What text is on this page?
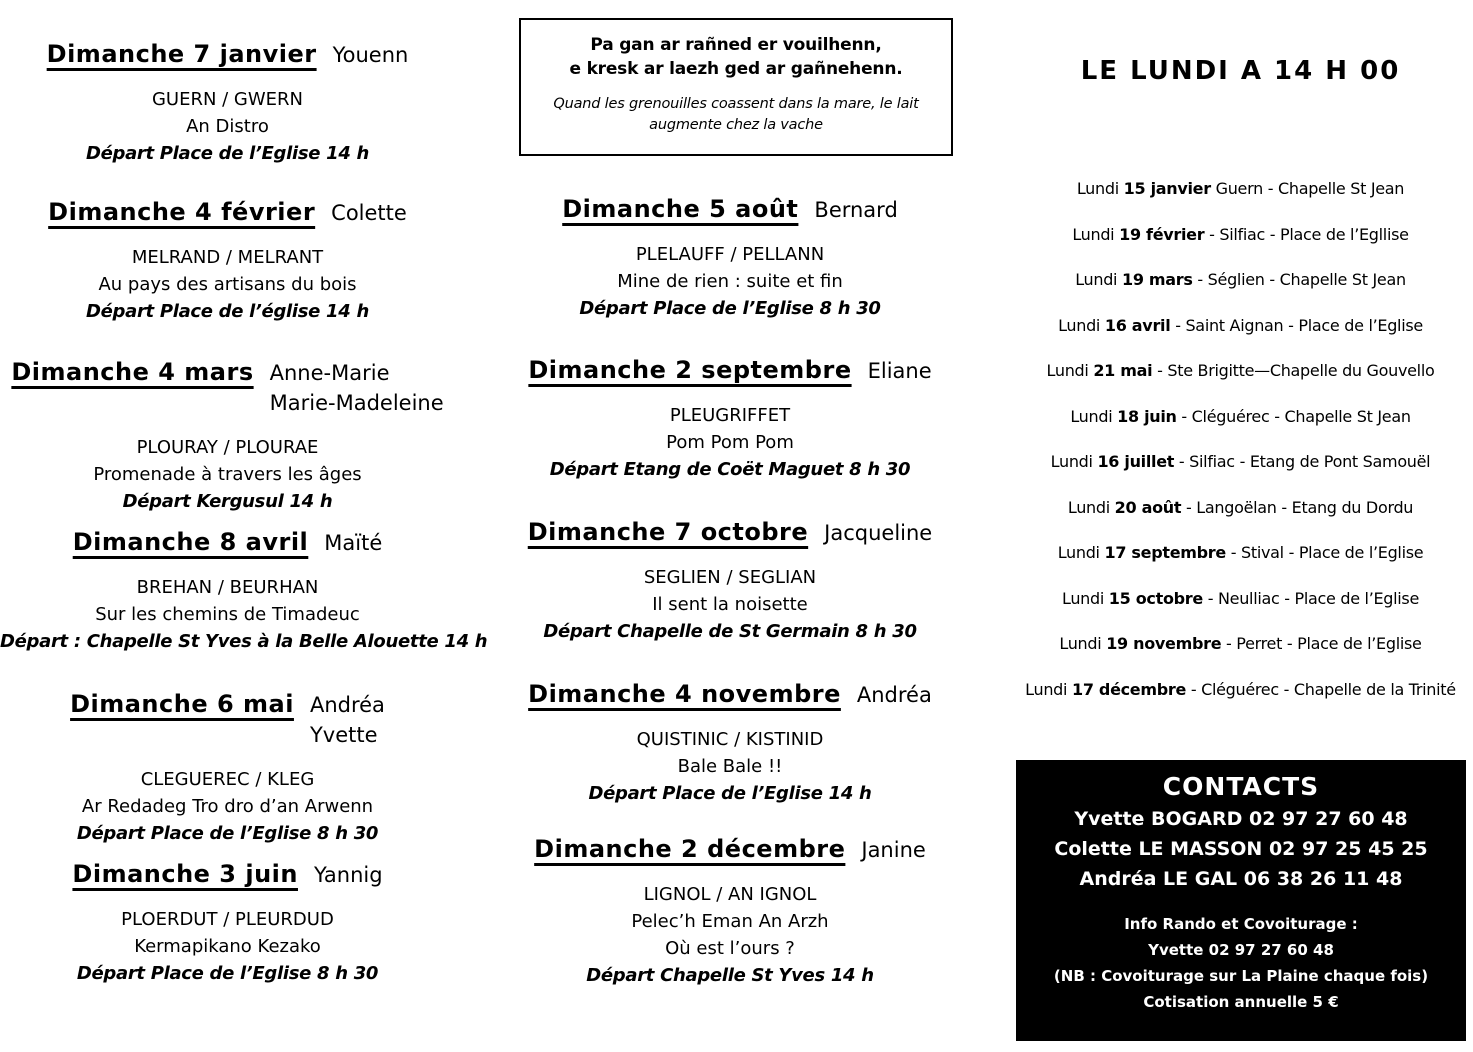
Dimanche 7 janvier Youenn
GUERN / GWERN
An Distro
Départ Place de l’Eglise 14 h
Dimanche 4 février Colette
MELRAND / MELRANT
Au pays des artisans du bois
Départ Place de l’église 14 h
Dimanche 4 mars Anne-Marie
Marie-Madeleine
PLOURAY / PLOURAE
Promenade à travers les âges
Départ Kergusul 14 h
Dimanche 8 avril Maïté
BREHAN / BEURHAN
Sur les chemins de Timadeuc
Départ : Chapelle St Yves à la Belle Alouette 14 h
Dimanche 6 mai Andréa
Yvette
CLEGUEREC / KLEG
Ar Redadeg Tro dro d’an Arwenn
Départ Place de l’Eglise 8 h 30
Dimanche 3 juin Yannig
PLOERDUT / PLEURDUD
Kermapikano Kezako
Départ Place de l’Eglise 8 h 30
Pa gan ar rañned er vouilhenn,
e kresk ar laezh ged ar gañnehenn.
Quand les grenouilles coassent dans la mare, le lait
augmente chez la vache
Dimanche 5 août Bernard
PLELAUFF / PELLANN
Mine de rien : suite et fin
Départ Place de l’Eglise 8 h 30
Dimanche 2 septembre Eliane
PLEUGRIFFET
Pom Pom Pom
Départ Etang de Coët Maguet 8 h 30
Dimanche 7 octobre Jacqueline
SEGLIEN / SEGLIAN
Il sent la noisette
Départ Chapelle de St Germain 8 h 30
Dimanche 4 novembre Andréa
QUISTINIC / KISTINID
Bale Bale !!
Départ Place de l’Eglise 14 h
Dimanche 2 décembre Janine
LIGNOL / AN IGNOL
Pelec’h Eman An Arzh
Où est l’ours ?
Départ Chapelle St Yves 14 h
LE LUNDI A 14 H 00
Lundi 15 janvier Guern - Chapelle St Jean
Lundi 19 février - Silfiac - Place de l’Egllise
Lundi 19 mars - Séglien - Chapelle St Jean
Lundi 16 avril - Saint Aignan - Place de l’Eglise
Lundi 21 mai - Ste Brigitte—Chapelle du Gouvello
Lundi 18 juin - Cléguérec - Chapelle St Jean
Lundi 16 juillet - Silfiac - Etang de Pont Samouël
Lundi 20 août - Langoëlan - Etang du Dordu
Lundi 17 septembre - Stival - Place de l’Eglise
Lundi 15 octobre - Neulliac - Place de l’Eglise
Lundi 19 novembre - Perret - Place de l’Eglise
Lundi 17 décembre - Cléguérec - Chapelle de la Trinité
CONTACTS
Yvette BOGARD 02 97 27 60 48
Colette LE MASSON 02 97 25 45 25
Andréa LE GAL 06 38 26 11 48
Info Rando et Covoiturage :
Yvette 02 97 27 60 48
(NB : Covoiturage sur La Plaine chaque fois)
Cotisation annuelle 5 €
